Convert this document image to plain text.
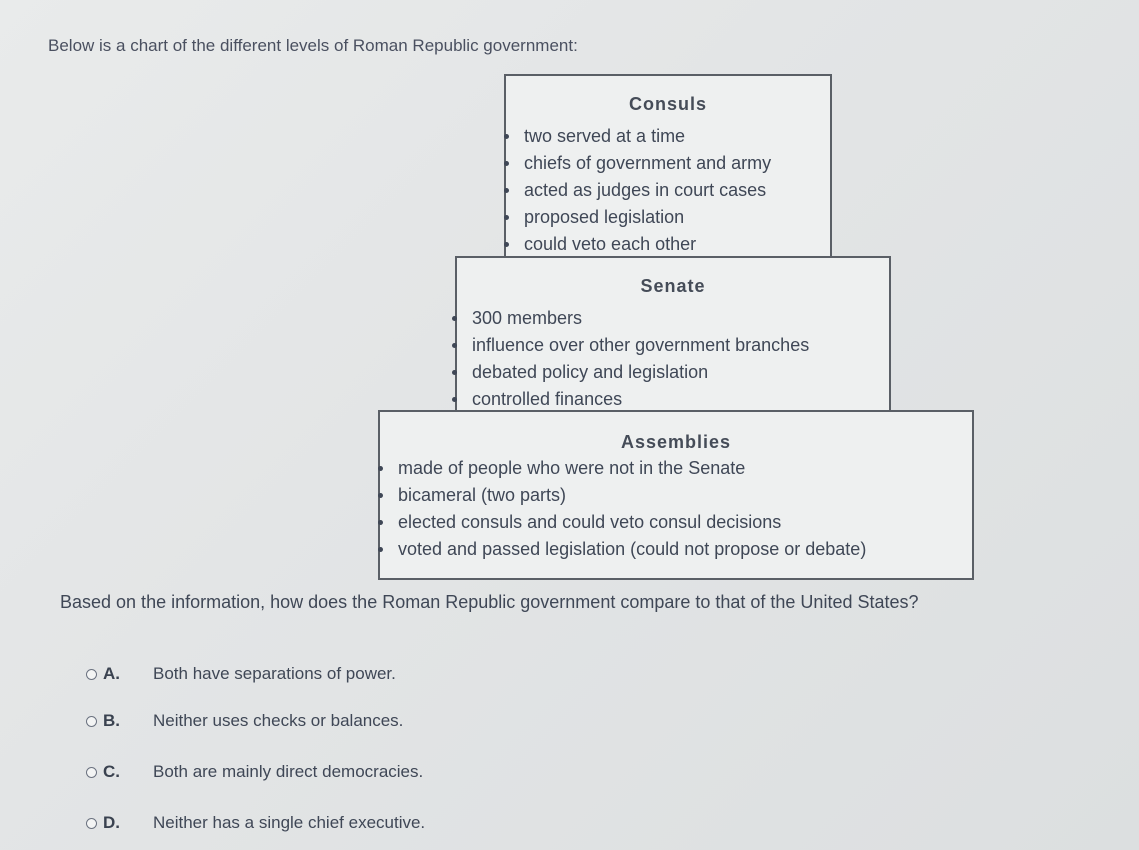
Below is a chart of the different levels of Roman Republic government:
Consuls
two served at a time
chiefs of government and army
acted as judges in court cases
proposed legislation
could veto each other
Senate
300 members
influence over other government branches
debated policy and legislation
controlled finances
Assemblies
made of people who were not in the Senate
bicameral (two parts)
elected consuls and could veto consul decisions
voted and passed legislation (could not propose or debate)
Based on the information, how does the Roman Republic government compare to that of the United States?
A.	Both have separations of power.
B.	Neither uses checks or balances.
C.	Both are mainly direct democracies.
D.	Neither has a single chief executive.
